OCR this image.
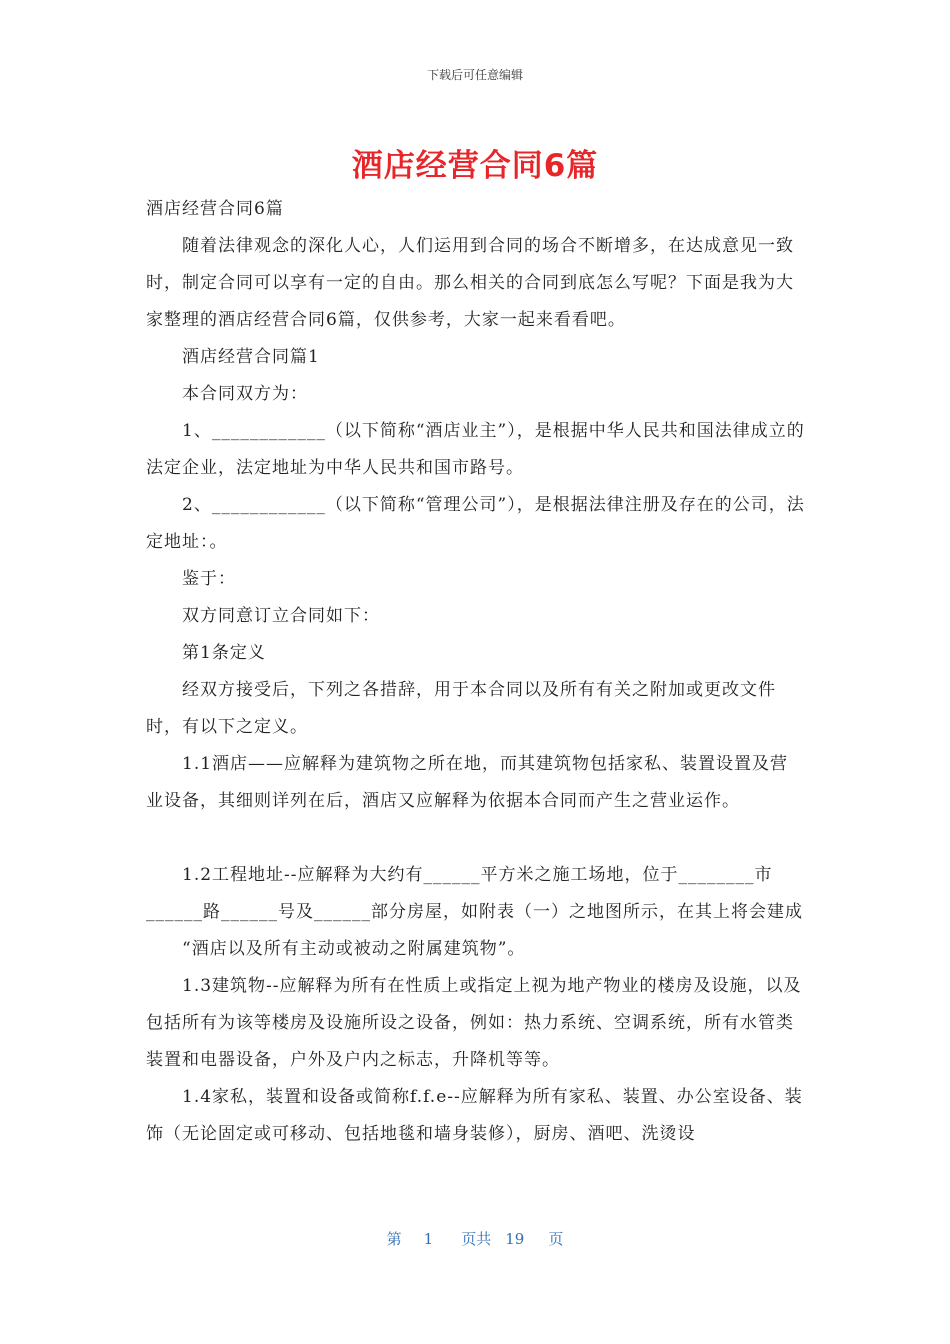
下载后可任意编辑
酒店经营合同6篇

酒店经营合同6篇

随着法律观念的深化人心，人们运用到合同的场合不断增多，在达成意见一致时，制定合同可以享有一定的自由。那么相关的合同到底怎么写呢？下面是我为大家整理的酒店经营合同6篇，仅供参考，大家一起来看看吧。

酒店经营合同篇1

本合同双方为：

1、____________（以下简称“酒店业主”），是根据中华人民共和国法律成立的法定企业，法定地址为中华人民共和国市路号。

2、____________（以下简称“管理公司”），是根据法律注册及存在的公司，法定地址：。

鉴于：

双方同意订立合同如下：

第1条定义

经双方接受后，下列之各措辞，用于本合同以及所有有关之附加或更改文件时，有以下之定义。

1.1酒店——应解释为建筑物之所在地，而其建筑物包括家私、装置设置及营业设备，其细则详列在后，酒店又应解释为依据本合同而产生之营业运作。

1.2工程地址--应解释为大约有______平方米之施工场地，位于________市______路______号及______部分房屋，如附表（一）之地图所示，在其上将会建成

“酒店以及所有主动或被动之附属建筑物”。

1.3建筑物--应解释为所有在性质上或指定上视为地产物业的楼房及设施，以及包括所有为该等楼房及设施所设之设备，例如：热力系统、空调系统，所有水管类装置和电器设备，户外及户内之标志，升降机等等。

1.4家私，装置和设备或简称f.f.e--应解释为所有家私、装置、办公室设备、装饰（无论固定或可移动、包括地毯和墙身装修），厨房、酒吧、洗烫设

第 1 页共 19 页
